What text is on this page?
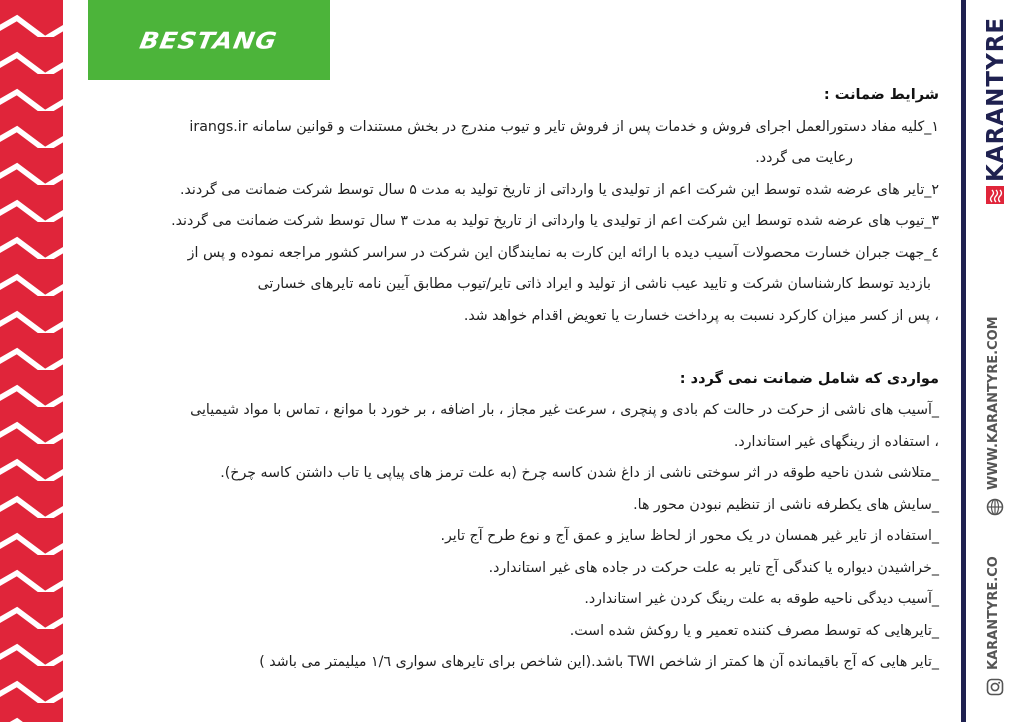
BESTANG
شرایط ضمانت :
۱_کلیه مفاد دستورالعمل اجرای فروش و خدمات پس از فروش تایر و تیوب مندرج در بخش مستندات و قوانین سامانه irangs.ir
رعایت می گردد.
۲_تایر های عرضه شده توسط این شرکت اعم از تولیدی یا وارداتی از تاریخ تولید به مدت ۵ سال توسط شرکت ضمانت می گردند.
۳_تیوب های عرضه شده توسط این شرکت اعم از تولیدی یا وارداتی از تاریخ تولید به مدت ۳ سال توسط شرکت ضمانت می گردند.
٤_جهت جبران خسارت محصولات آسیب دیده با ارائه این کارت به نمایندگان این شرکت در سراسر کشور مراجعه نموده و پس از
بازدید توسط کارشناسان شرکت و تایید عیب ناشی از تولید و ایراد ذاتی تایر/تیوب مطابق آیین نامه تایرهای خسارتی
، پس از کسر میزان کارکرد نسبت به پرداخت خسارت یا تعویض اقدام خواهد شد.
مواردی که شامل ضمانت نمی گردد :
_آسیب های ناشی از حرکت در حالت کم بادی و پنچری ، سرعت غیر مجاز ، بار اضافه ، بر خورد با موانع ، تماس با مواد شیمیایی
، استفاده از رینگهای غیر استاندارد.
_متلاشی شدن ناحیه طوقه در اثر سوختی ناشی از داغ شدن کاسه چرخ (به علت ترمز های پیاپی یا تاب داشتن کاسه چرخ).
_سایش های یکطرفه ناشی از تنظیم نبودن محور ها.
_استفاده از تایر غیر همسان در یک محور از لحاظ سایز و عمق آج و نوع طرح آج تایر.
_خراشیدن دیواره یا کندگی آج تایر به علت حرکت در جاده های غیر استاندارد.
_آسیب دیدگی ناحیه طوقه به علت رینگ کردن غیر استاندارد.
_تایرهایی که توسط مصرف کننده تعمیر و یا روکش شده است.
_تایر هایی که آج باقیمانده آن ها کمتر از شاخص TWI باشد.(این شاخص برای تایرهای سواری ۱/٦ میلیمتر می باشد )
KARANTYRE
WWW.KARANTYRE.COM
KARANTYRE.CO
